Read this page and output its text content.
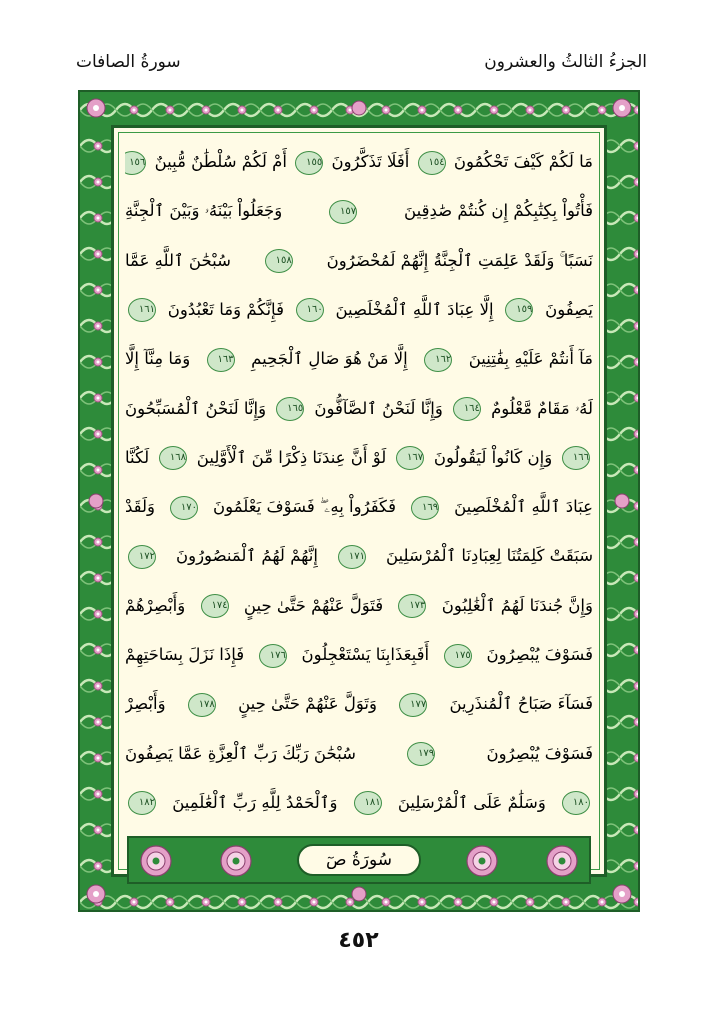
الجزءُ الثالثُ والعشرون
سورةُ الصافات
مَا لَكُمْ كَيْفَ تَحْكُمُونَ ١٥٤ أَفَلَا تَذَكَّرُونَ ١٥٥ أَمْ لَكُمْ سُلْطَٰنٌ مُّبِينٌ ١٥٦
فَأْتُواْ بِكِتَٰبِكُمْ إِن كُنتُمْ صَٰدِقِينَ ١٥٧ وَجَعَلُواْ بَيْنَهُۥ وَبَيْنَ ٱلْجِنَّةِ
نَسَبًا ۚ وَلَقَدْ عَلِمَتِ ٱلْجِنَّةُ إِنَّهُمْ لَمُحْضَرُونَ ١٥٨ سُبْحَٰنَ ٱللَّهِ عَمَّا
يَصِفُونَ ١٥٩ إِلَّا عِبَادَ ٱللَّهِ ٱلْمُخْلَصِينَ ١٦٠ فَإِنَّكُمْ وَمَا تَعْبُدُونَ ١٦١
مَآ أَنتُمْ عَلَيْهِ بِفَٰتِنِينَ ١٦٢ إِلَّا مَنْ هُوَ صَالِ ٱلْجَحِيمِ ١٦٣ وَمَا مِنَّآ إِلَّا
لَهُۥ مَقَامٌ مَّعْلُومٌ ١٦٤ وَإِنَّا لَنَحْنُ ٱلصَّآفُّونَ ١٦٥ وَإِنَّا لَنَحْنُ ٱلْمُسَبِّحُونَ
١٦٦ وَإِن كَانُواْ لَيَقُولُونَ ١٦٧ لَوْ أَنَّ عِندَنَا ذِكْرًا مِّنَ ٱلْأَوَّلِينَ ١٦٨ لَكُنَّا
عِبَادَ ٱللَّهِ ٱلْمُخْلَصِينَ ١٦٩ فَكَفَرُواْ بِهِۦ ۖ فَسَوْفَ يَعْلَمُونَ ١٧٠ وَلَقَدْ
سَبَقَتْ كَلِمَتُنَا لِعِبَادِنَا ٱلْمُرْسَلِينَ ١٧١ إِنَّهُمْ لَهُمُ ٱلْمَنصُورُونَ ١٧٢
وَإِنَّ جُندَنَا لَهُمُ ٱلْغَٰلِبُونَ ١٧٣ فَتَوَلَّ عَنْهُمْ حَتَّىٰ حِينٍ ١٧٤ وَأَبْصِرْهُمْ
فَسَوْفَ يُبْصِرُونَ ١٧٥ أَفَبِعَذَابِنَا يَسْتَعْجِلُونَ ١٧٦ فَإِذَا نَزَلَ بِسَاحَتِهِمْ
فَسَآءَ صَبَاحُ ٱلْمُنذَرِينَ ١٧٧ وَتَوَلَّ عَنْهُمْ حَتَّىٰ حِينٍ ١٧٨ وَأَبْصِرْ
فَسَوْفَ يُبْصِرُونَ ١٧٩ سُبْحَٰنَ رَبِّكَ رَبِّ ٱلْعِزَّةِ عَمَّا يَصِفُونَ
١٨٠ وَسَلَٰمٌ عَلَى ٱلْمُرْسَلِينَ ١٨١ وَٱلْحَمْدُ لِلَّهِ رَبِّ ٱلْعَٰلَمِينَ ١٨٢
سُورَةُ صٓ
٤٥٢
